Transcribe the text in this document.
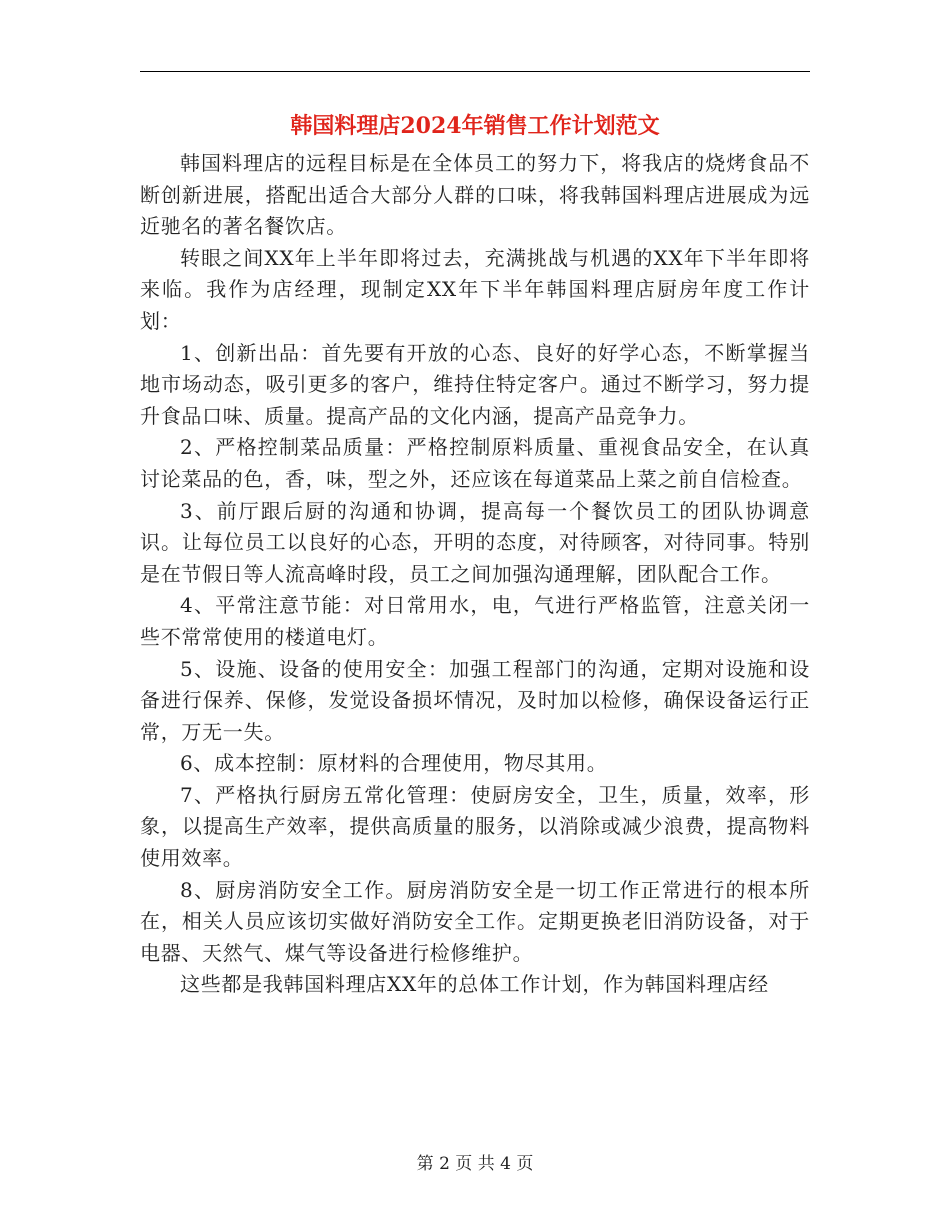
韩国料理店2024年销售工作计划范文

韩国料理店的远程目标是在全体员工的努力下，将我店的烧烤食品不断创新进展，搭配出适合大部分人群的口味，将我韩国料理店进展成为远近驰名的著名餐饮店。

转眼之间XX年上半年即将过去，充满挑战与机遇的XX年下半年即将来临。我作为店经理，现制定XX年下半年韩国料理店厨房年度工作计划：

1、创新出品：首先要有开放的心态、良好的好学心态，不断掌握当地市场动态，吸引更多的客户，维持住特定客户。通过不断学习，努力提升食品口味、质量。提高产品的文化内涵，提高产品竞争力。

2、严格控制菜品质量：严格控制原料质量、重视食品安全，在认真讨论菜品的色，香，味，型之外，还应该在每道菜品上菜之前自信检查。

3、前厅跟后厨的沟通和协调，提高每一个餐饮员工的团队协调意识。让每位员工以良好的心态，开明的态度，对待顾客，对待同事。特别是在节假日等人流高峰时段，员工之间加强沟通理解，团队配合工作。

4、平常注意节能：对日常用水，电，气进行严格监管，注意关闭一些不常常使用的楼道电灯。

5、设施、设备的使用安全：加强工程部门的沟通，定期对设施和设备进行保养、保修，发觉设备损坏情况，及时加以检修，确保设备运行正常，万无一失。

6、成本控制：原材料的合理使用，物尽其用。

7、严格执行厨房五常化管理：使厨房安全，卫生，质量，效率，形象，以提高生产效率，提供高质量的服务，以消除或减少浪费，提高物料使用效率。

8、厨房消防安全工作。厨房消防安全是一切工作正常进行的根本所在，相关人员应该切实做好消防安全工作。定期更换老旧消防设备，对于电器、天然气、煤气等设备进行检修维护。

这些都是我韩国料理店XX年的总体工作计划，作为韩国料理店经

第 2 页 共 4 页
